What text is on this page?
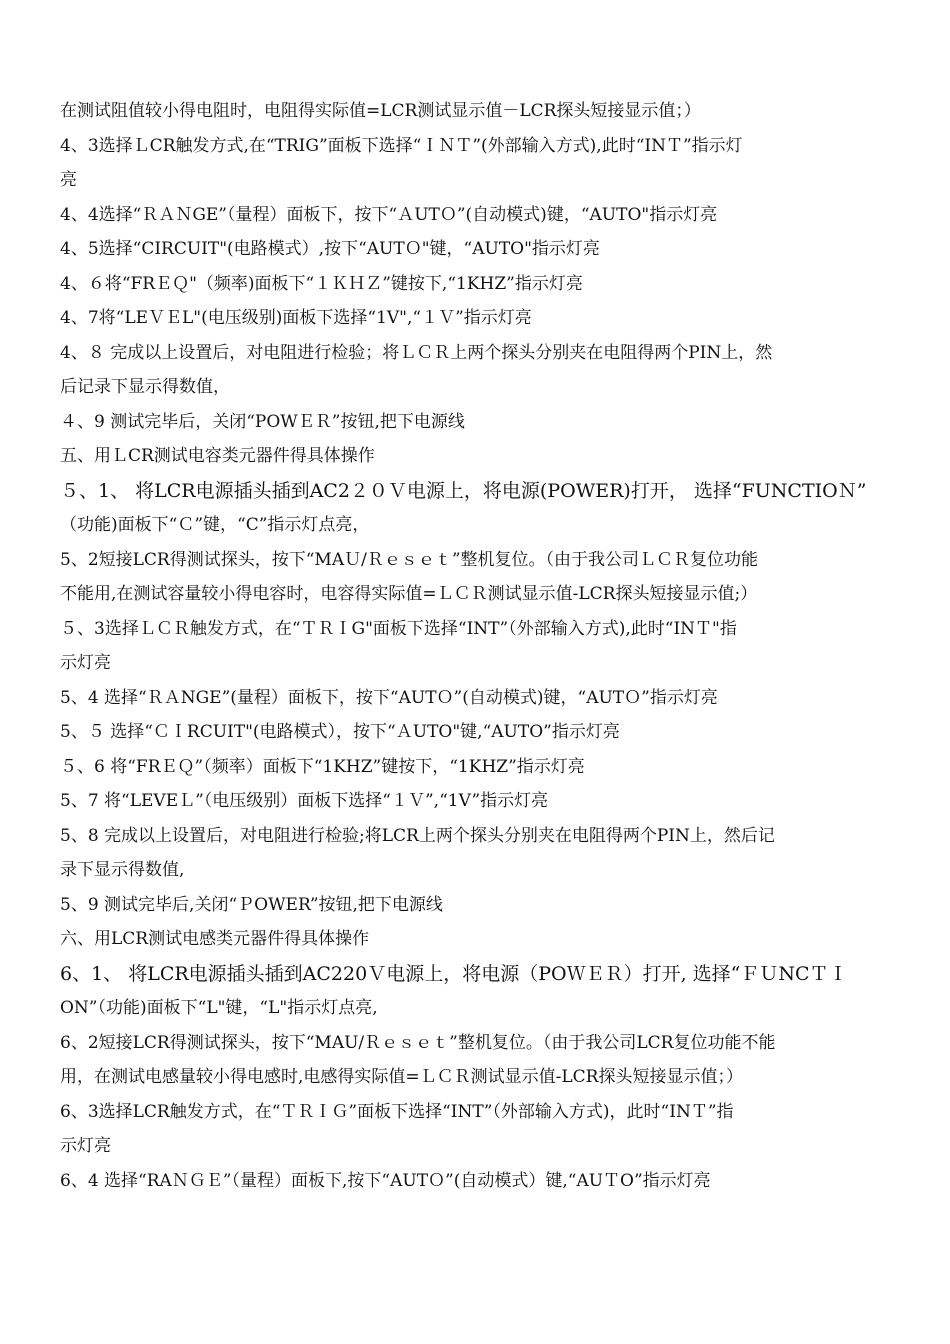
在测试阻值较小得电阻时，电阻得实际值=LCR测试显示值－LCR探头短接显示值；）

4、3选择ＬCR触发方式,在“TRIG”面板下选择“ＩＮＴ”(外部输入方式),此时“INＴ”指示灯

亮

4、4选择“ＲＡＮGE”（量程）面板下，按下“ＡUTＯ”(自动模式)键，“AUTO"指示灯亮

4、5选择“CIRCUIT"(电路模式）,按下“AUTＯ"键，“AUTO"指示灯亮

4、６将“FRＥＱ"（频率)面板下“１ＫＨＺ”键按下,“1KHZ”指示灯亮

4、7将“LEＶＥL"(电压级别)面板下选择“1V",“１Ｖ”指示灯亮

4、８ 完成以上设置后，对电阻进行检验；将ＬＣＲ上两个探头分别夹在电阻得两个PIN上，然

后记录下显示得数值，

４、9 测试完毕后，关闭“POWＥＲ”按钮,把下电源线

五、用ＬCR测试电容类元器件得具体操作

５、1、 将LCR电源插头插到AC2２０Ｖ电源上，将电源(POWER)打开， 选择“FUNCTIOＮ”

（功能)面板下“Ｃ”键，“C”指示灯点亮，

5、2短接LCR得测试探头，按下“MAＵ/Ｒｅｓｅｔ”整机复位。（由于我公司ＬＣＲ复位功能

不能用,在测试容量较小得电容时，电容得实际值=ＬＣＲ测试显示值-LCR探头短接显示值;）

５、3选择ＬＣＲ触发方式，在“ＴＲＩG"面板下选择“INT”（外部输入方式),此时“INＴ"指

示灯亮

5、4 选择“ＲＡNGE”(量程）面板下，按下“AUTＯ”(自动模式)键，“AUTＯ”指示灯亮

5、５ 选择“ＣＩRCUIT"(电路模式），按下“ＡUTO"键,“AUTO”指示灯亮

５、6 将“FRＥＱ”（频率）面板下“1KHZ”键按下，“1KHZ”指示灯亮

5、7 将“LEVEＬ”（电压级别）面板下选择“１Ｖ”,“1V”指示灯亮

5、8 完成以上设置后，对电阻进行检验;将LCR上两个探头分别夹在电阻得两个PIN上，然后记

录下显示得数值,

5、9 测试完毕后,关闭“ＰOWER”按钮,把下电源线

六、用LCR测试电感类元器件得具体操作

6、1、 将LCR电源插头插到AC220Ｖ电源上，将电源（POＷＥＲ）打开, 选择“ＦＵNCＴＩ

ON”（功能)面板下“L"键，“L"指示灯点亮,

6、2短接LCR得测试探头，按下“MAU/Ｒｅｓｅｔ”整机复位。（由于我公司LCR复位功能不能

用，在测试电感量较小得电感时,电感得实际值=ＬＣＲ测试显示值-LCR探头短接显示值；）

6、3选择LCR触发方式，在“ＴＲＩＧ”面板下选择“INT”（外部输入方式)，此时“INＴ”指

示灯亮

6、4 选择“RAＮＧＥ”（量程）面板下,按下“AUTＯ”(自动模式）键,“AUＴO”指示灯亮
